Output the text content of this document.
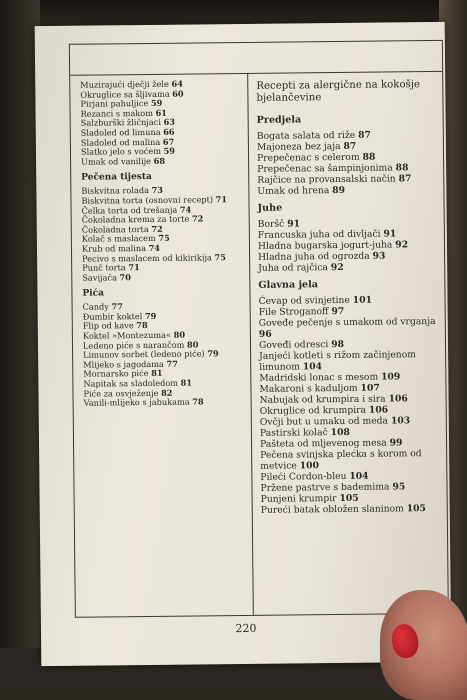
Muzirajući dječji žele 64
Okruglice sa šljivama 60
Pirjani pahuljice 59
Rezanci s makom 61
Salzburški žličnjaci 63
Sladoled od limuna 66
Sladoled od malina 67
Slatko jelo s voćem 59
Umak od vanilije 68
Pečena tijesta
Biskvitna rolada 73
Biskvitna torta (osnovni recept) 71
Čelka torta od trešanja 74
Čokoladna krema za torte 72
Čokoladna torta 72
Kolač s maslacem 75
Krub od malina 74
Pecivo s maslacem od kikirikija 75
Punč torta 71
Savijača 70
Pića
Candy 77
Đumbir koktel 79
Flip od kave 78
Koktel »Montezuma« 80
Ledeno piće s narančom 80
Limunov sorbet (ledeno piće) 79
Mlijeko s jagodama 77
Mornarsko piće 81
Napitak sa sladoledom 81
Piće za osvježenje 82
Vanili-mlijeko s jabukama 78
Recepti za alergične na kokošje bjelančevine
Predjela
Bogata salata od riže 87
Majoneza bez jaja 87
Prepečenac s celerom 88
Prepečenac sa šampinjonima 88
Rajčice na provansalski način 87
Umak od hrena 89
Juhe
Boršč 91
Francuska juha od divljači 91
Hladna bugarska jogurt-juha 92
Hladna juha od ogrozda 93
Juha od rajčica 92
Glavna jela
Ćevap od svinjetine 101
File Stroganoff 97
Goveđe pečenje s umakom od vrganja 96
Goveđi odresci 98
Janjeći kotleti s rižom začinjenom limunom 104
Madridski lonac s mesom 109
Makaroni s kaduljom 107
Nabujak od krumpira i sira 106
Okruglice od krumpira 106
Ovčji but u umaku od meda 103
Pastirski kolač 108
Pašteta od mljevenog mesa 99
Pečena svinjska plećka s korom od metvice 100
Pileći Cordon-bleu 104
Pržene pastrve s bademima 95
Punjeni krumpir 105
Pureći batak obložen slaninom 105
220
